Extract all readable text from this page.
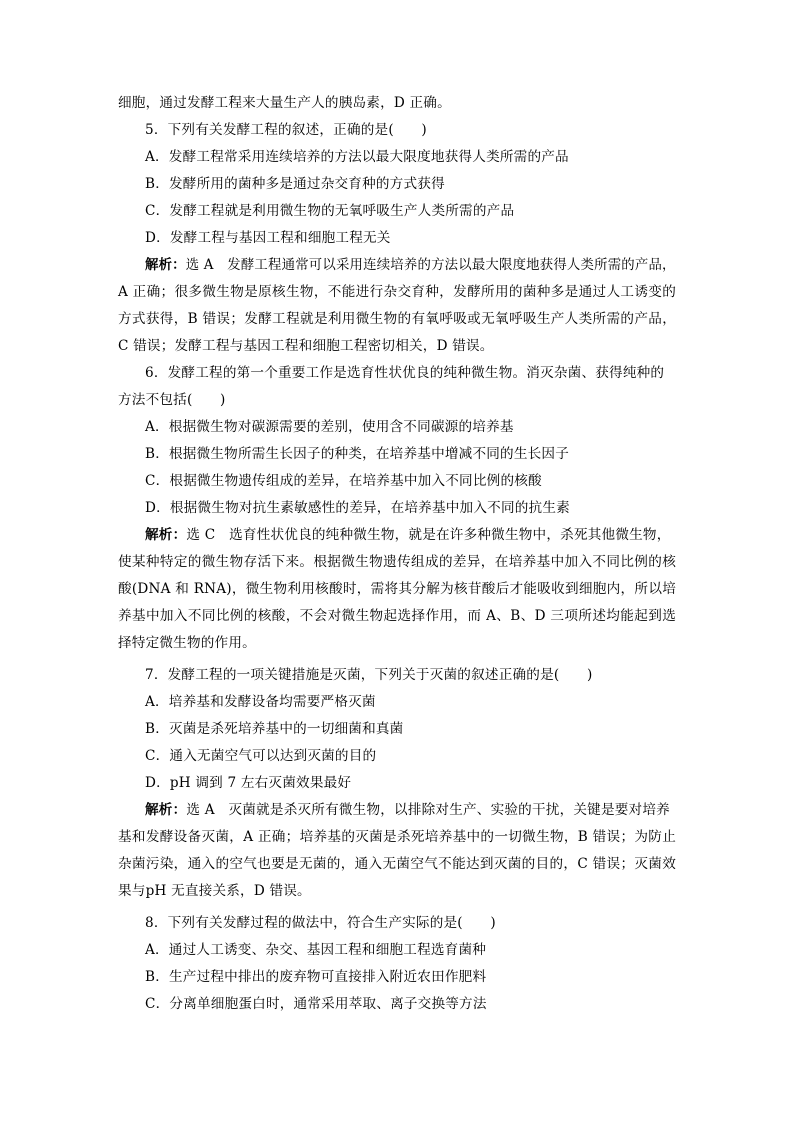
细胞，通过发酵工程来大量生产人的胰岛素，D 正确。
5．下列有关发酵工程的叙述，正确的是(　　)
A．发酵工程常采用连续培养的方法以最大限度地获得人类所需的产品
B．发酵所用的菌种多是通过杂交育种的方式获得
C．发酵工程就是利用微生物的无氧呼吸生产人类所需的产品
D．发酵工程与基因工程和细胞工程无关
解析：选 A　发酵工程通常可以采用连续培养的方法以最大限度地获得人类所需的产品，
A 正确；很多微生物是原核生物，不能进行杂交育种，发酵所用的菌种多是通过人工诱变的
方式获得，B 错误；发酵工程就是利用微生物的有氧呼吸或无氧呼吸生产人类所需的产品，
C 错误；发酵工程与基因工程和细胞工程密切相关，D 错误。
6．发酵工程的第一个重要工作是选育性状优良的纯种微生物。消灭杂菌、获得纯种的
方法不包括(　　)
A．根据微生物对碳源需要的差别，使用含不同碳源的培养基
B．根据微生物所需生长因子的种类，在培养基中增减不同的生长因子
C．根据微生物遗传组成的差异，在培养基中加入不同比例的核酸
D．根据微生物对抗生素敏感性的差异，在培养基中加入不同的抗生素
解析：选 C　选育性状优良的纯种微生物，就是在许多种微生物中，杀死其他微生物，
使某种特定的微生物存活下来。根据微生物遗传组成的差异，在培养基中加入不同比例的核
酸(DNA 和 RNA)，微生物利用核酸时，需将其分解为核苷酸后才能吸收到细胞内，所以培
养基中加入不同比例的核酸，不会对微生物起选择作用，而 A、B、D 三项所述均能起到选
择特定微生物的作用。
7．发酵工程的一项关键措施是灭菌，下列关于灭菌的叙述正确的是(　　)
A．培养基和发酵设备均需要严格灭菌
B．灭菌是杀死培养基中的一切细菌和真菌
C．通入无菌空气可以达到灭菌的目的
D．pH 调到 7 左右灭菌效果最好
解析：选 A　灭菌就是杀灭所有微生物，以排除对生产、实验的干扰，关键是要对培养
基和发酵设备灭菌，A 正确；培养基的灭菌是杀死培养基中的一切微生物，B 错误；为防止
杂菌污染，通入的空气也要是无菌的，通入无菌空气不能达到灭菌的目的，C 错误；灭菌效
果与pH 无直接关系，D 错误。
8．下列有关发酵过程的做法中，符合生产实际的是(　　)
A．通过人工诱变、杂交、基因工程和细胞工程选育菌种
B．生产过程中排出的废弃物可直接排入附近农田作肥料
C．分离单细胞蛋白时，通常采用萃取、离子交换等方法
